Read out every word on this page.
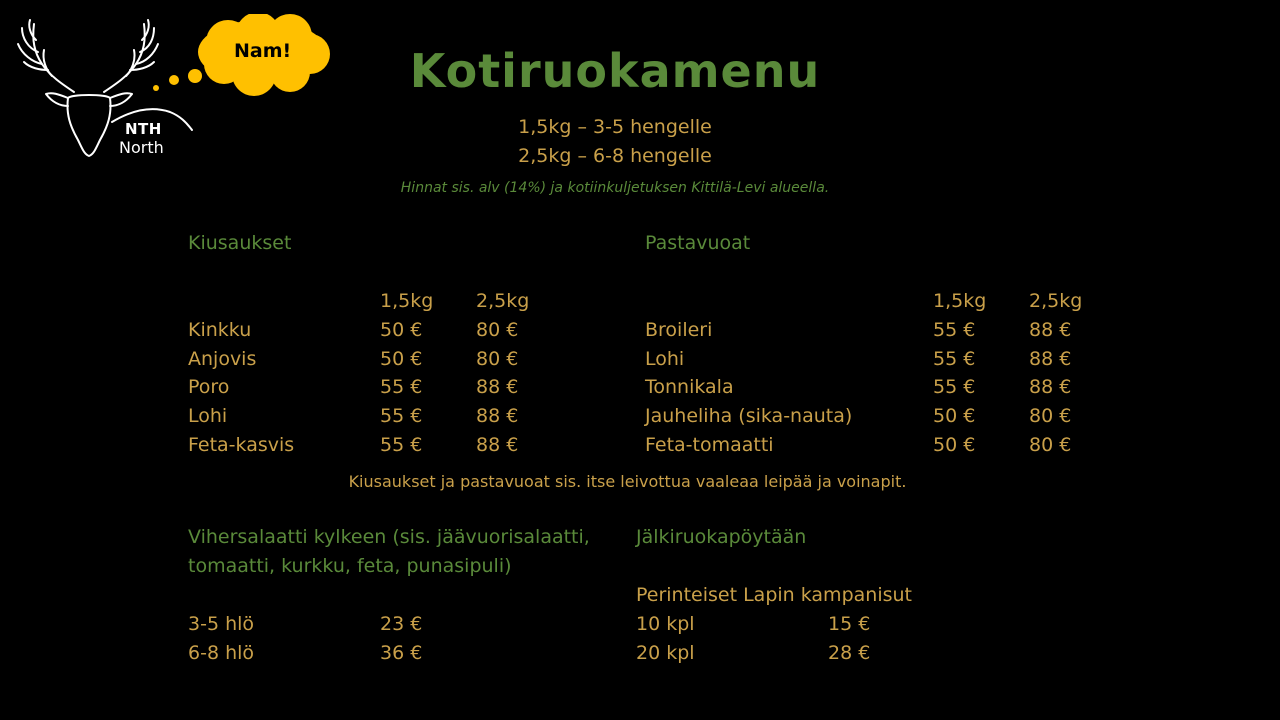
NTH
North
Nam!	Kotiruokamenu
1,5kg – 3-5 hengelle
2,5kg – 6-8 hengelle
Hinnat sis. alv (14%) ja kotiinkuljetuksen Kittilä-Levi alueella.
Kiusaukset
1,5kg 2,5kg
Kinkku	50 €	80 €
Anjovis	50 €	80 €
Poro	55 €	88 €
Lohi	55 €	88 €
Feta-kasvis	55 €	88 €
Pastavuoat
1,5kg 2,5kg
Broileri	55 €	88 €
Lohi	55 €	88 €
Tonnikala	55 €	88 €
Jauheliha (sika-nauta)	50 €	80 €
Feta-tomaatti	50 €	80 €
Kiusaukset ja pastavuoat sis. itse leivottua vaaleaa leipää ja voinapit.
Vihersalaatti kylkeen (sis. jäävuorisalaatti,
tomaatti, kurkku, feta, punasipuli)
3-5 hlö	23 €
6-8 hlö	36 €
Jälkiruokapöytään
Perinteiset Lapin kampanisut
10 kpl	15 €
20 kpl	28 €
